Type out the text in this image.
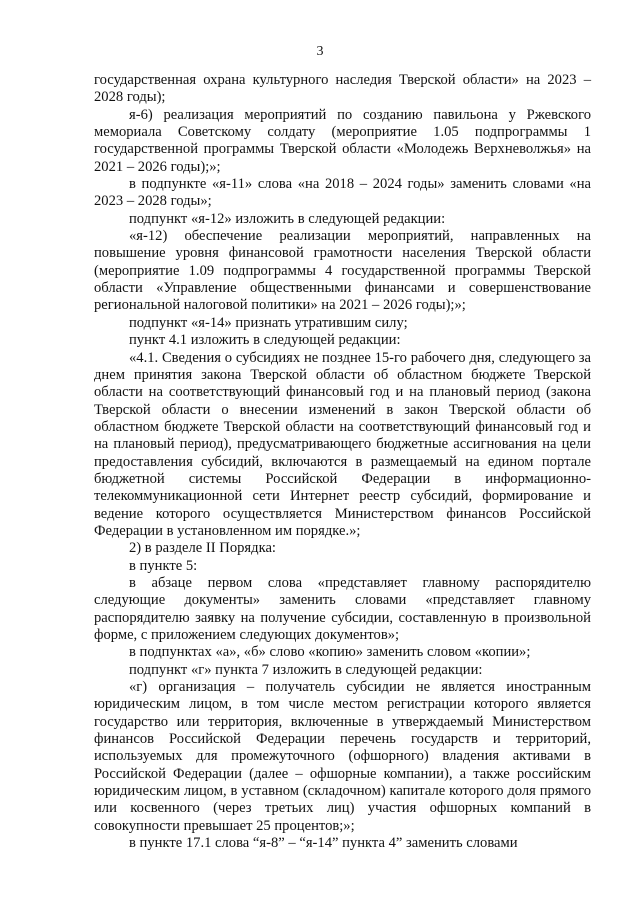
3

государственная охрана культурного наследия Тверской области» на 2023 – 2028 годы);

я-6) реализация мероприятий по созданию павильона у Ржевского мемориала Советскому солдату (мероприятие 1.05 подпрограммы 1 государственной программы Тверской области «Молодежь Верхневолжья» на 2021 – 2026 годы);»;

в подпункте «я-11» слова «на 2018 – 2024 годы» заменить словами «на 2023 – 2028 годы»;

подпункт «я-12» изложить в следующей редакции:

«я-12) обеспечение реализации мероприятий, направленных на повышение уровня финансовой грамотности населения Тверской области (мероприятие 1.09 подпрограммы 4 государственной программы Тверской области «Управление общественными финансами и совершенствование региональной налоговой политики» на 2021 – 2026 годы);»;

подпункт «я-14» признать утратившим силу;

пункт 4.1 изложить в следующей редакции:

«4.1. Сведения о субсидиях не позднее 15-го рабочего дня, следующего за днем принятия закона Тверской области об областном бюджете Тверской области на соответствующий финансовый год и на плановый период (закона Тверской области о внесении изменений в закон Тверской области об областном бюджете Тверской области на соответствующий финансовый год и на плановый период), предусматривающего бюджетные ассигнования на цели предоставления субсидий, включаются в размещаемый на едином портале бюджетной системы Российской Федерации в информационно-телекоммуникационной сети Интернет реестр субсидий, формирование и ведение которого осуществляется Министерством финансов Российской Федерации в установленном им порядке.»;

2) в разделе II Порядка:

в пункте 5:

в абзаце первом слова «представляет главному распорядителю следующие документы» заменить словами «представляет главному распорядителю заявку на получение субсидии, составленную в произвольной форме, с приложением следующих документов»;

в подпунктах «а», «б» слово «копию» заменить словом «копии»;

подпункт «г» пункта 7 изложить в следующей редакции:

«г) организация – получатель субсидии не является иностранным юридическим лицом, в том числе местом регистрации которого является государство или территория, включенные в утверждаемый Министерством финансов Российской Федерации перечень государств и территорий, используемых для промежуточного (офшорного) владения активами в Российской Федерации (далее – офшорные компании), а также российским юридическим лицом, в уставном (складочном) капитале которого доля прямого или косвенного (через третьих лиц) участия офшорных компаний в совокупности превышает 25 процентов;»;

в пункте 17.1 слова “я-8” – “я-14” пункта 4” заменить словами
